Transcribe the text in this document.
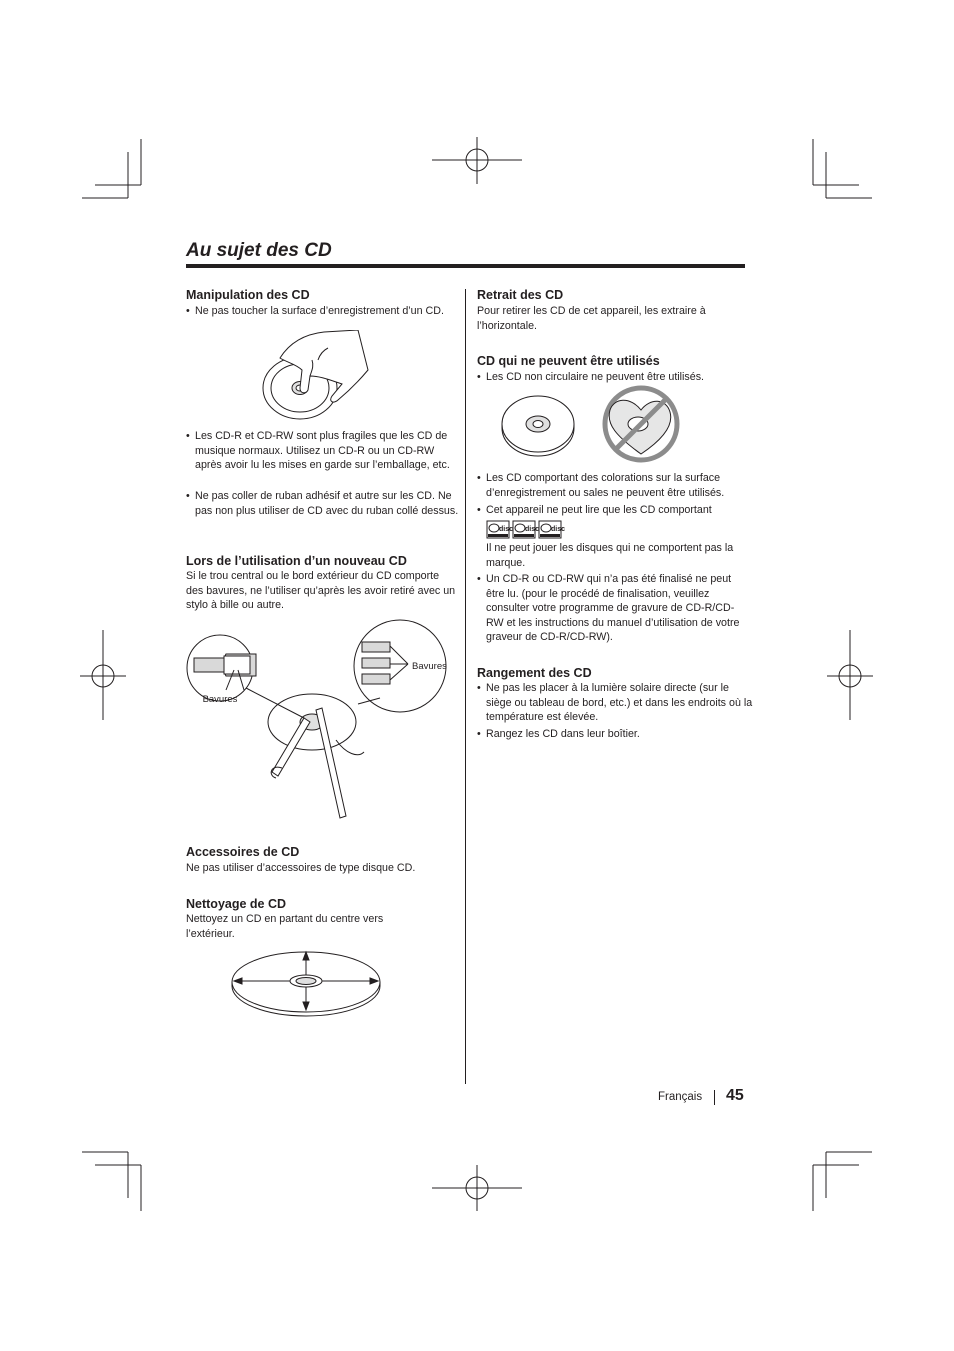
Au sujet des CD
Manipulation des CD
• Ne pas toucher la surface d’enregistrement d’un CD.
• Les CD-R et CD-RW sont plus fragiles que les CD de musique normaux. Utilisez un CD-R ou un CD-RW après avoir lu les mises en garde sur l’emballage, etc.
• Ne pas coller de ruban adhésif et autre sur les CD. Ne pas non plus utiliser de CD avec du ruban collé dessus.
Lors de l’utilisation d’un nouveau CD
Si le trou central ou le bord extérieur du CD comporte des bavures, ne l’utiliser qu’après les avoir retiré avec un stylo à bille ou autre.
Bavures
Bavures
Accessoires de CD
Ne pas utiliser d’accessoires de type disque CD.
Nettoyage de CD
Nettoyez un CD en partant du centre vers l’extérieur.
Retrait des CD
Pour retirer les CD de cet appareil, les extraire à l’horizontale.
CD qui ne peuvent être utilisés
• Les CD non circulaire ne peuvent être utilisés.
• Les CD comportant des colorations sur la surface d’enregistrement ou sales ne peuvent être utilisés.
• Cet appareil ne peut lire que les CD comportant
disc disc disc
Il ne peut jouer les disques qui ne comportent pas la marque.
• Un CD-R ou CD-RW qui n’a pas été finalisé ne peut être lu. (pour le procédé de finalisation, veuillez consulter votre programme de gravure de CD-R/CD-RW et les instructions du manuel d’utilisation de votre graveur de CD-R/CD-RW).
Rangement des CD
• Ne pas les placer à la lumière solaire directe (sur le siège ou tableau de bord, etc.) et dans les endroits où la température est élevée.
• Rangez les CD dans leur boîtier.
Français 45
